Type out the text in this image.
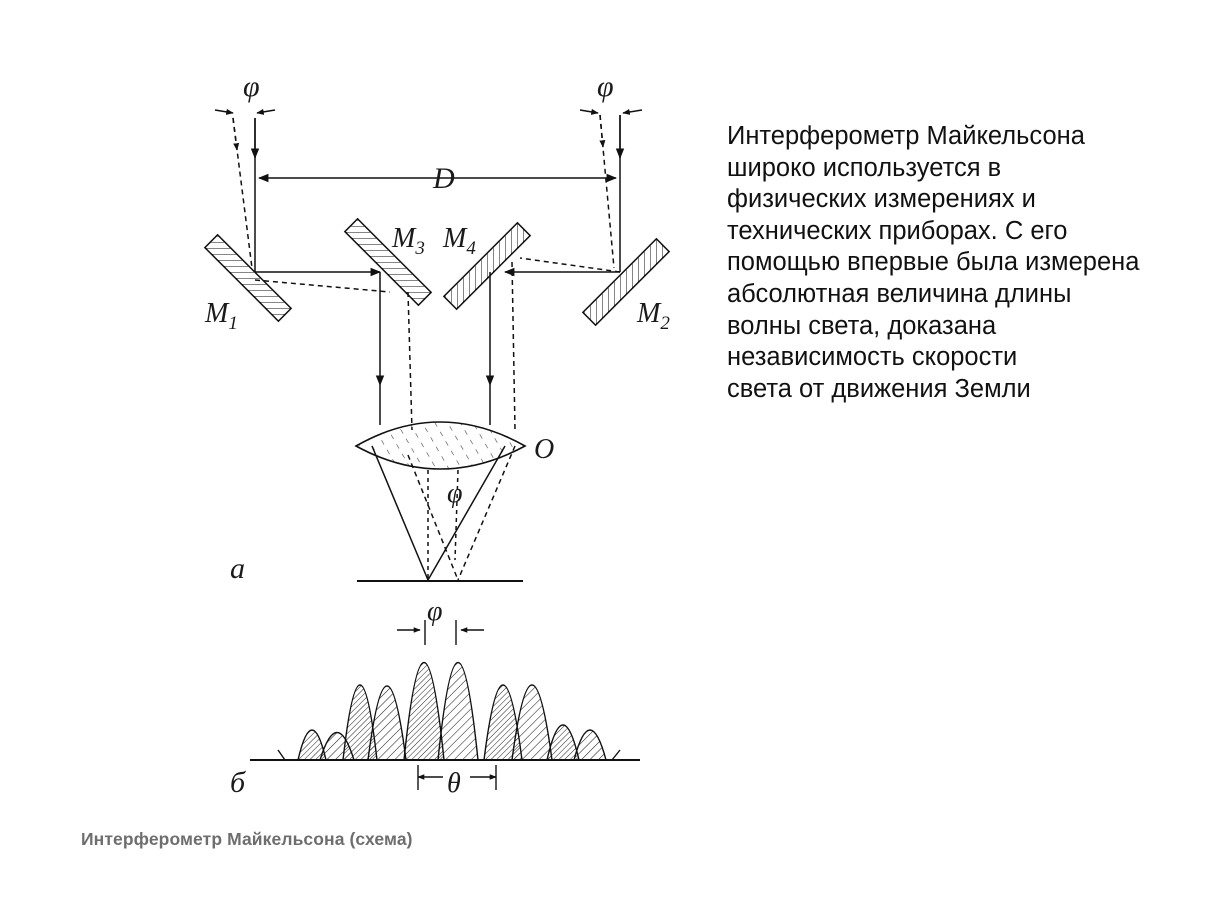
φ	φ
D
$M_1$
$M_3$ $M_4$
$M_2$
O
φ
a
φ
θ
б

Интерферометр Майкельсона
широко используется в
физических измерениях и
технических приборах. С его
помощью впервые была измерена
абсолютная величина длины
волны света, доказана
независимость скорости
света от движения Земли

Интерферометр Майкельсона (схема)
